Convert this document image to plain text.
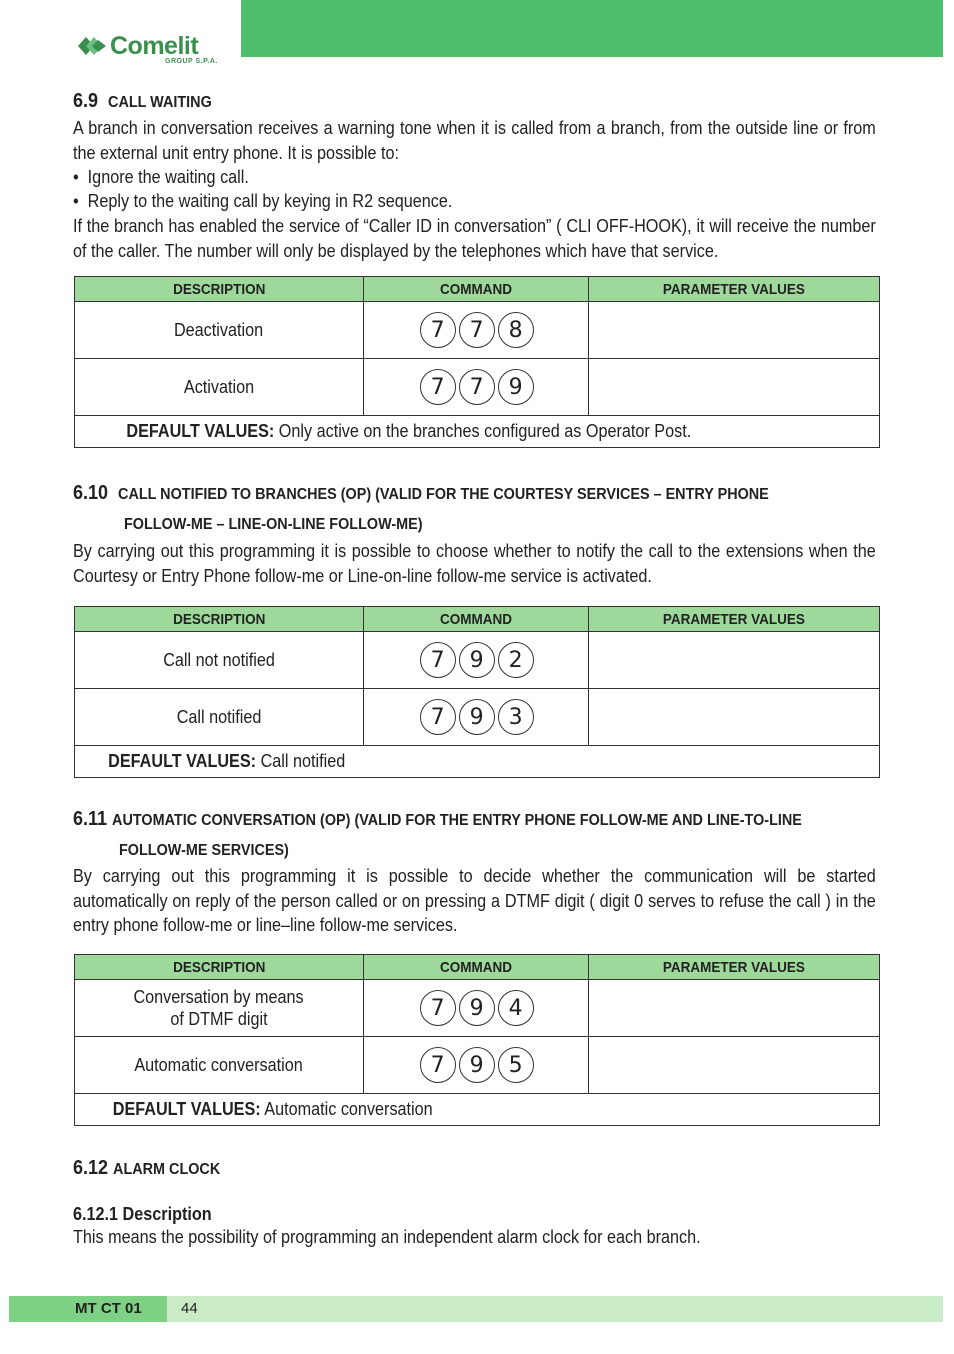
Comelit
GROUP S.P.A.
6.9 CALL WAITING
A branch in conversation receives a warning tone when it is called from a branch, from the outside line or from the external unit entry phone. It is possible to:
•  Ignore the waiting call.
•  Reply to the waiting call by keying in R2 sequence.
If the branch has enabled the service of “Caller ID in conversation” ( CLI OFF-HOOK), it will receive the number of the caller. The number will only be displayed by the telephones which have that service.
DESCRIPTION	COMMAND	PARAMETER VALUES
Deactivation	7 7 8	

Activation	7 7 9	

DEFAULT VALUES: Only active on the branches configured as Operator Post.		
6.10 CALL NOTIFIED TO BRANCHES (OP) (VALID FOR THE COURTESY SERVICES – ENTRY PHONE
FOLLOW-ME – LINE-ON-LINE FOLLOW-ME)
By carrying out this programming it is possible to choose whether to notify the call to the extensions when the Courtesy or Entry Phone follow-me or Line-on-line follow-me service is activated.
DESCRIPTION	COMMAND	PARAMETER VALUES
Call not notified	7 9 2	

Call notified	7 9 3	

DEFAULT VALUES: Call notified		
6.11 AUTOMATIC CONVERSATION (OP) (VALID FOR THE ENTRY PHONE FOLLOW-ME AND LINE-TO-LINE
FOLLOW-ME SERVICES)
By carrying out this programming it is possible to decide whether the communication will be started automatically on reply of the person called or on pressing a DTMF digit ( digit 0 serves to refuse the call ) in the entry phone follow-me or line–line follow-me services.
DESCRIPTION	COMMAND	PARAMETER VALUES
Conversation by means
of DTMF digit	7 9 4	

Automatic conversation	7 9 5	

DEFAULT VALUES: Automatic conversation		
6.12 ALARM CLOCK
6.12.1 Description
This means the possibility of programming an independent alarm clock for each branch.
MT CT 01	44
